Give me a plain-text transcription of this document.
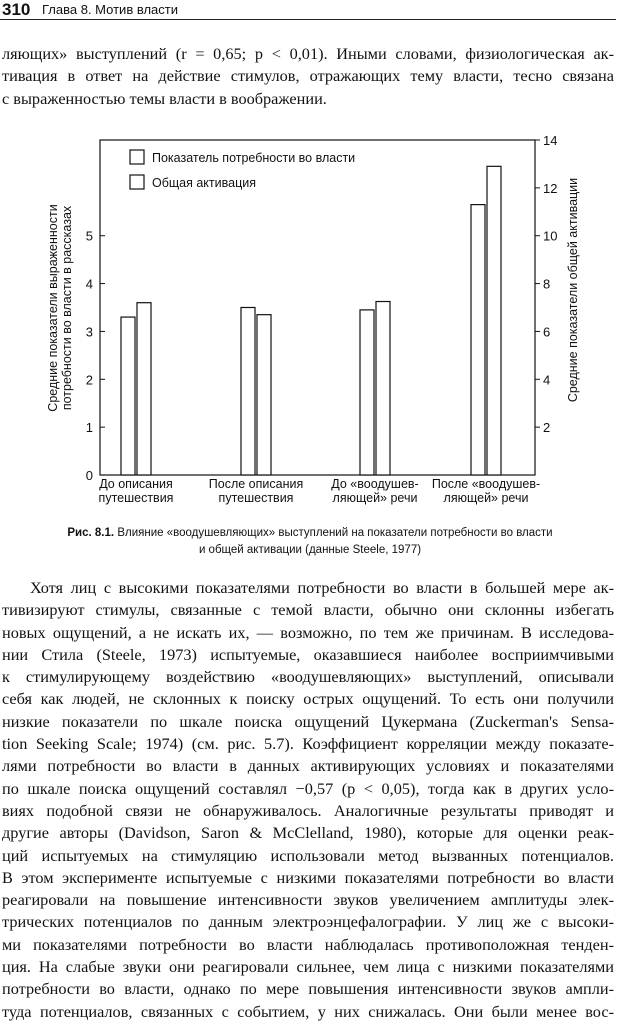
310 Глава 8. Мотив власти
ляющих» выступлений (r = 0,65; p < 0,01). Иными словами, физиологическая ак-
тивация в ответ на действие стимулов, отражающих тему власти, тесно связана
с выраженностью темы власти в воображении.
0
1
2
3
4
5
2
4
6
8
10
12
14
Средние показатели выраженности потребности во власти в рассказах	Средние показатели общей активации
До описания
путешествия
После описания
путешествия
До «воодушев-
ляющей» речи
После «воодушев-
ляющей» речи
Показатель потребности во власти
Общая активация
Рис. 8.1. Влияние «воодушевляющих» выступлений на показатели потребности во власти
и общей активации (данные Steele, 1977)
Хотя лиц с высокими показателями потребности во власти в большей мере ак-
тивизируют стимулы, связанные с темой власти, обычно они склонны избегать
новых ощущений, а не искать их, — возможно, по тем же причинам. В исследова-
нии Стила (Steele, 1973) испытуемые, оказавшиеся наиболее восприимчивыми
к стимулирующему воздействию «воодушевляющих» выступлений, описывали
себя как людей, не склонных к поиску острых ощущений. То есть они получили
низкие показатели по шкале поиска ощущений Цукермана (Zuckerman's Sensa-
tion Seeking Scale; 1974) (см. рис. 5.7). Коэффициент корреляции между показате-
лями потребности во власти в данных активирующих условиях и показателями
по шкале поиска ощущений составлял −0,57 (p < 0,05), тогда как в других усло-
виях подобной связи не обнаруживалось. Аналогичные результаты приводят и
другие авторы (Davidson, Saron & McClelland, 1980), которые для оценки реак-
ций испытуемых на стимуляцию использовали метод вызванных потенциалов.
В этом эксперименте испытуемые с низкими показателями потребности во власти
реагировали на повышение интенсивности звуков увеличением амплитуды элек-
трических потенциалов по данным электроэнцефалографии. У лиц же с высоки-
ми показателями потребности во власти наблюдалась противоположная тенден-
ция. На слабые звуки они реагировали сильнее, чем лица с низкими показателями
потребности во власти, однако по мере повышения интенсивности звуков ампли-
туда потенциалов, связанных с событием, у них снижалась. Они были менее вос-
